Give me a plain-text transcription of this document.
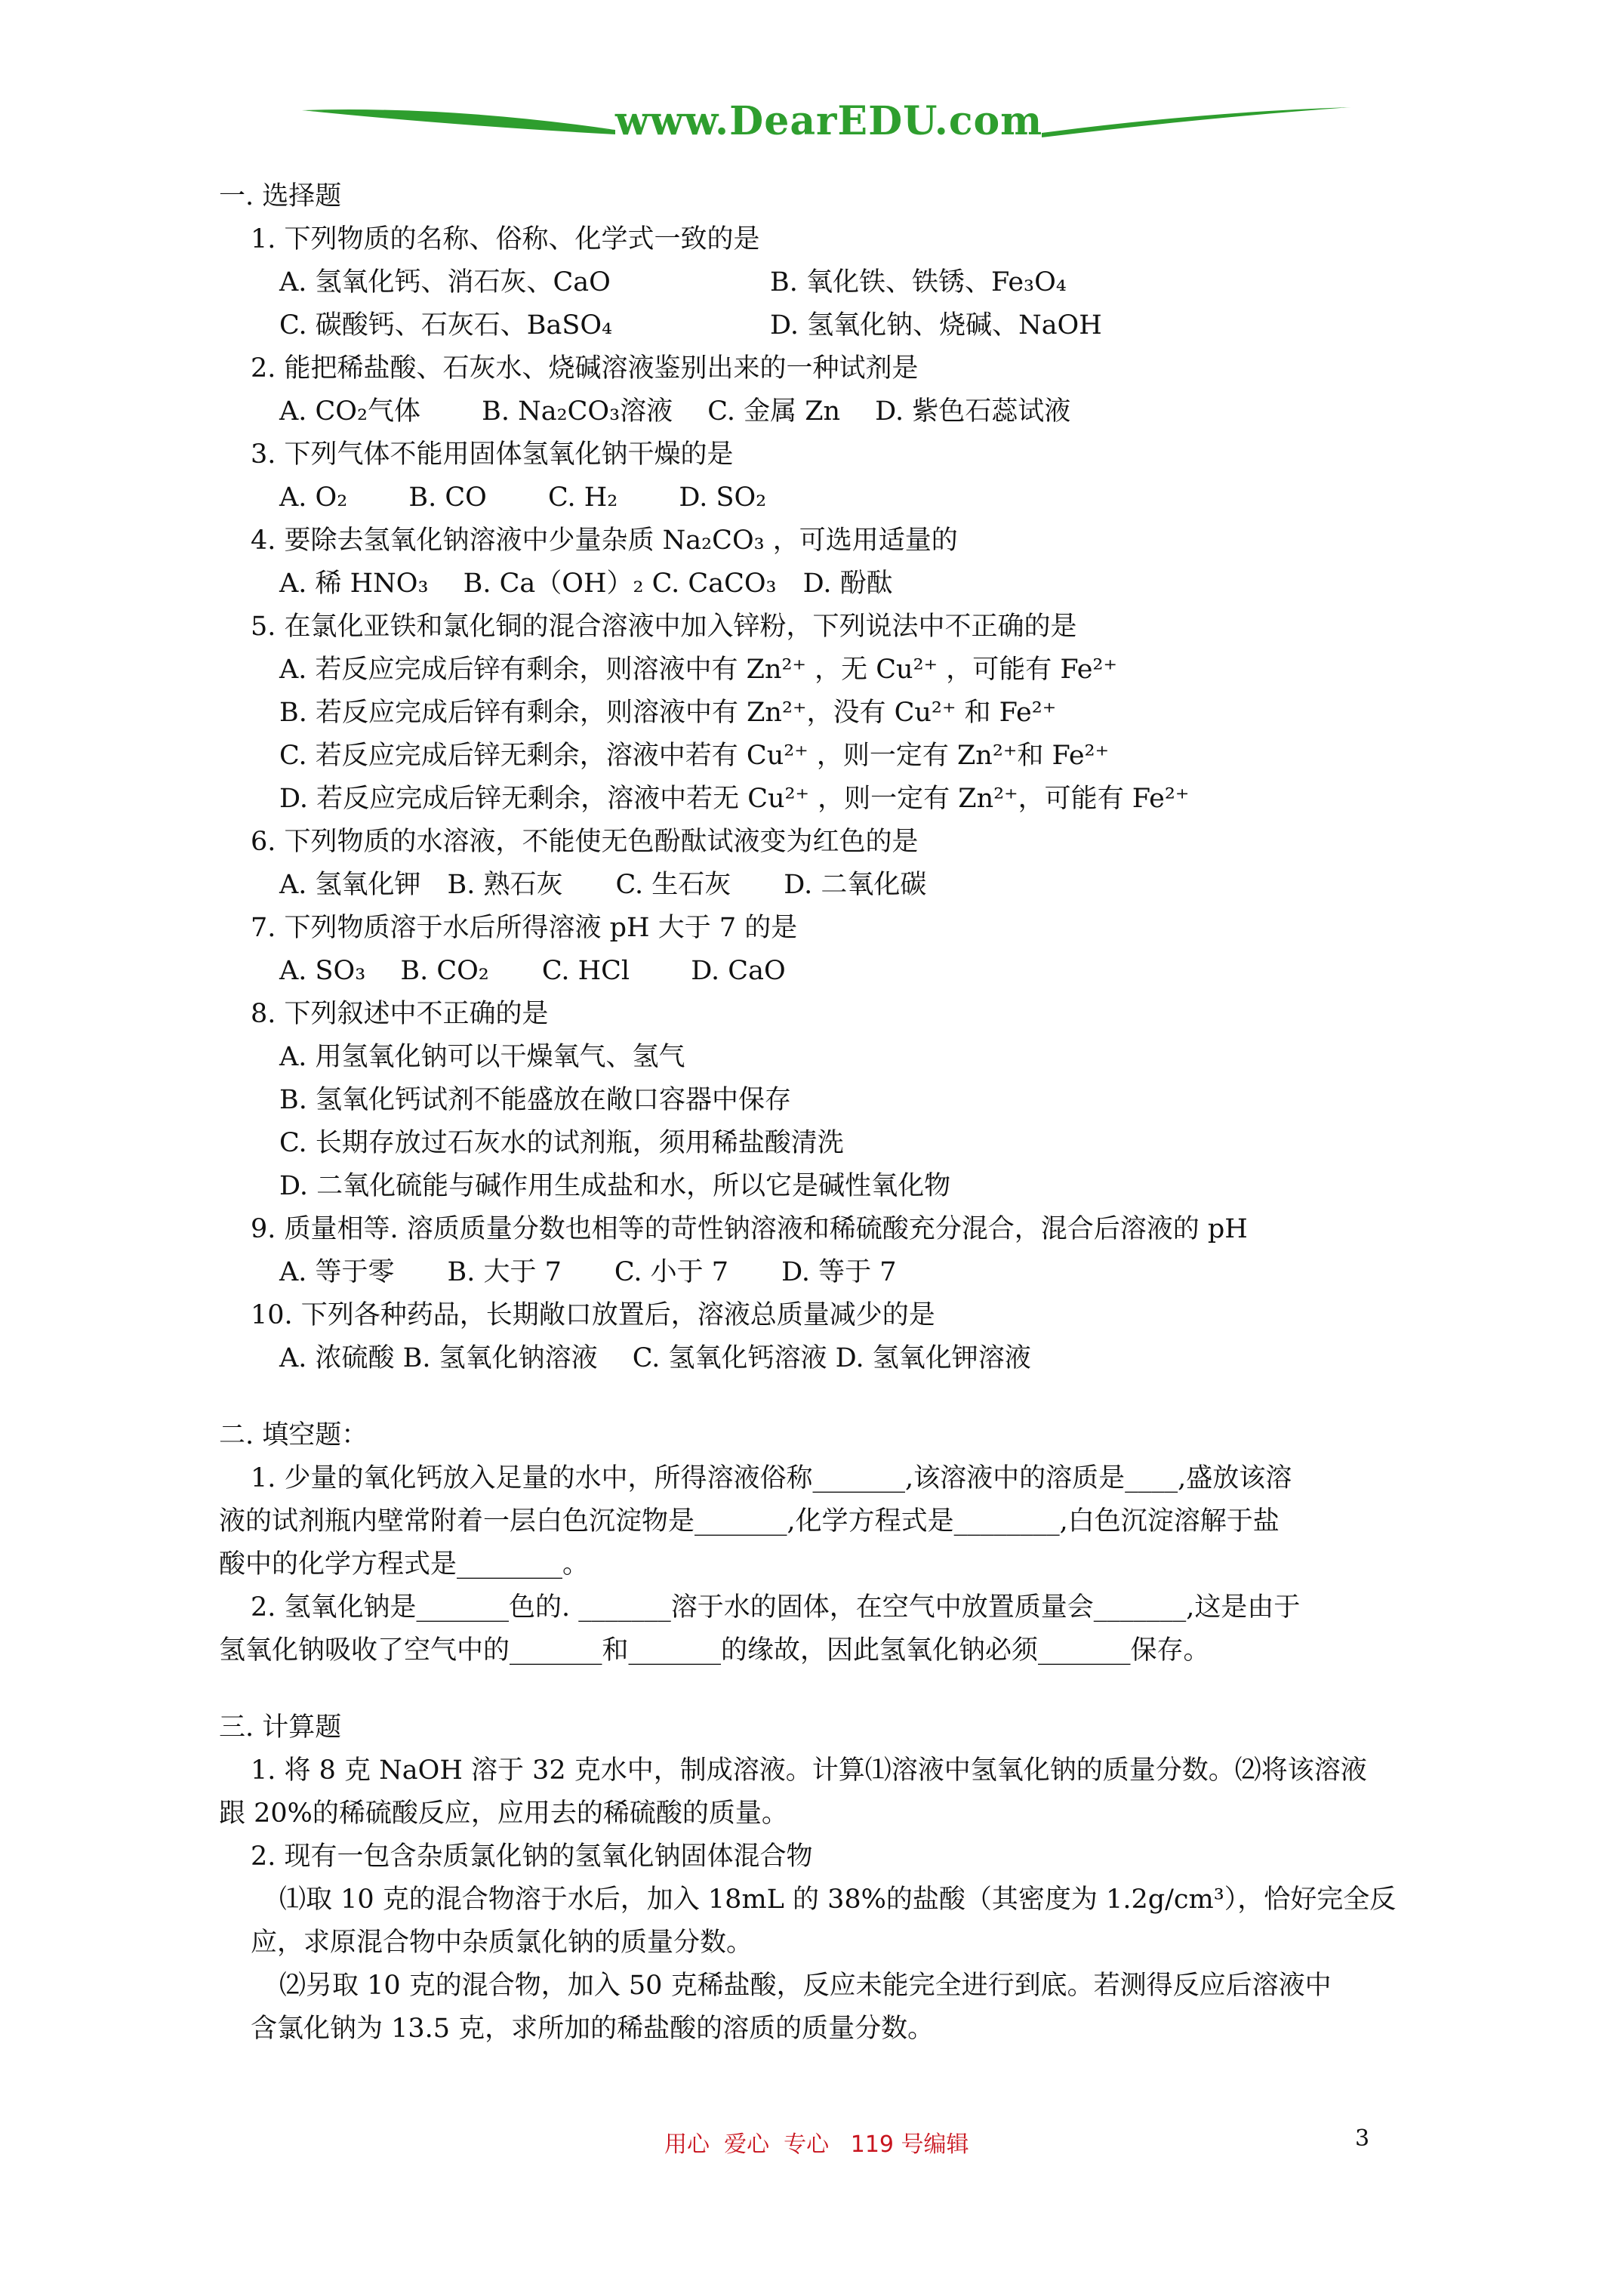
www.DearEDU.com
一. 选择题
1. 下列物质的名称、俗称、化学式一致的是
A. 氢氧化钙、消石灰、CaO	B. 氧化铁、铁锈、Fe₃O₄
C. 碳酸钙、石灰石、BaSO₄	D. 氢氧化钠、烧碱、NaOH
2. 能把稀盐酸、石灰水、烧碱溶液鉴别出来的一种试剂是
A. CO₂气体　　 B. Na₂CO₃溶液　 C. 金属 Zn　 D. 紫色石蕊试液
3. 下列气体不能用固体氢氧化钠干燥的是
A. O₂　　 B. CO　　 C. H₂　　 D. SO₂
4. 要除去氢氧化钠溶液中少量杂质 Na₂CO₃ ，可选用适量的
A. 稀 HNO₃　 B. Ca（OH）₂ C. CaCO₃　D. 酚酞
5. 在氯化亚铁和氯化铜的混合溶液中加入锌粉，下列说法中不正确的是
A. 若反应完成后锌有剩余，则溶液中有 Zn²⁺ ，无 Cu²⁺ ，可能有 Fe²⁺
B. 若反应完成后锌有剩余，则溶液中有 Zn²⁺，没有 Cu²⁺ 和 Fe²⁺
C. 若反应完成后锌无剩余，溶液中若有 Cu²⁺ ，则一定有 Zn²⁺和 Fe²⁺
D. 若反应完成后锌无剩余，溶液中若无 Cu²⁺ ，则一定有 Zn²⁺，可能有 Fe²⁺
6. 下列物质的水溶液，不能使无色酚酞试液变为红色的是
A. 氢氧化钾　B. 熟石灰　　C. 生石灰　　D. 二氧化碳
7. 下列物质溶于水后所得溶液 pH 大于 7 的是
A. SO₃　 B. CO₂　　C. HCl　　 D. CaO
8. 下列叙述中不正确的是
A. 用氢氧化钠可以干燥氧气、氢气
B. 氢氧化钙试剂不能盛放在敞口容器中保存
C. 长期存放过石灰水的试剂瓶，须用稀盐酸清洗
D. 二氧化硫能与碱作用生成盐和水，所以它是碱性氧化物
9. 质量相等. 溶质质量分数也相等的苛性钠溶液和稀硫酸充分混合，混合后溶液的 pH
A. 等于零　　B. 大于 7　　C. 小于 7　　D. 等于 7
10. 下列各种药品，长期敞口放置后，溶液总质量减少的是
A. 浓硫酸 B. 氢氧化钠溶液　 C. 氢氧化钙溶液 D. 氢氧化钾溶液
二. 填空题：
1. 少量的氧化钙放入足量的水中，所得溶液俗称_______,该溶液中的溶质是____,盛放该溶
液的试剂瓶内壁常附着一层白色沉淀物是_______,化学方程式是________,白色沉淀溶解于盐
酸中的化学方程式是________。
2. 氢氧化钠是_______色的. _______溶于水的固体，在空气中放置质量会_______,这是由于
氢氧化钠吸收了空气中的_______和_______的缘故，因此氢氧化钠必须_______保存。
三. 计算题
1. 将 8 克 NaOH 溶于 32 克水中，制成溶液。计算⑴溶液中氢氧化钠的质量分数。⑵将该溶液
跟 20%的稀硫酸反应，应用去的稀硫酸的质量。
2. 现有一包含杂质氯化钠的氢氧化钠固体混合物
⑴取 10 克的混合物溶于水后，加入 18mL 的 38%的盐酸（其密度为 1.2g/cm³），恰好完全反
应，求原混合物中杂质氯化钠的质量分数。
⑵另取 10 克的混合物，加入 50 克稀盐酸，反应未能完全进行到底。若测得反应后溶液中
含氯化钠为 13.5 克，求所加的稀盐酸的溶质的质量分数。
用心  爱心  专心   119 号编辑	3
